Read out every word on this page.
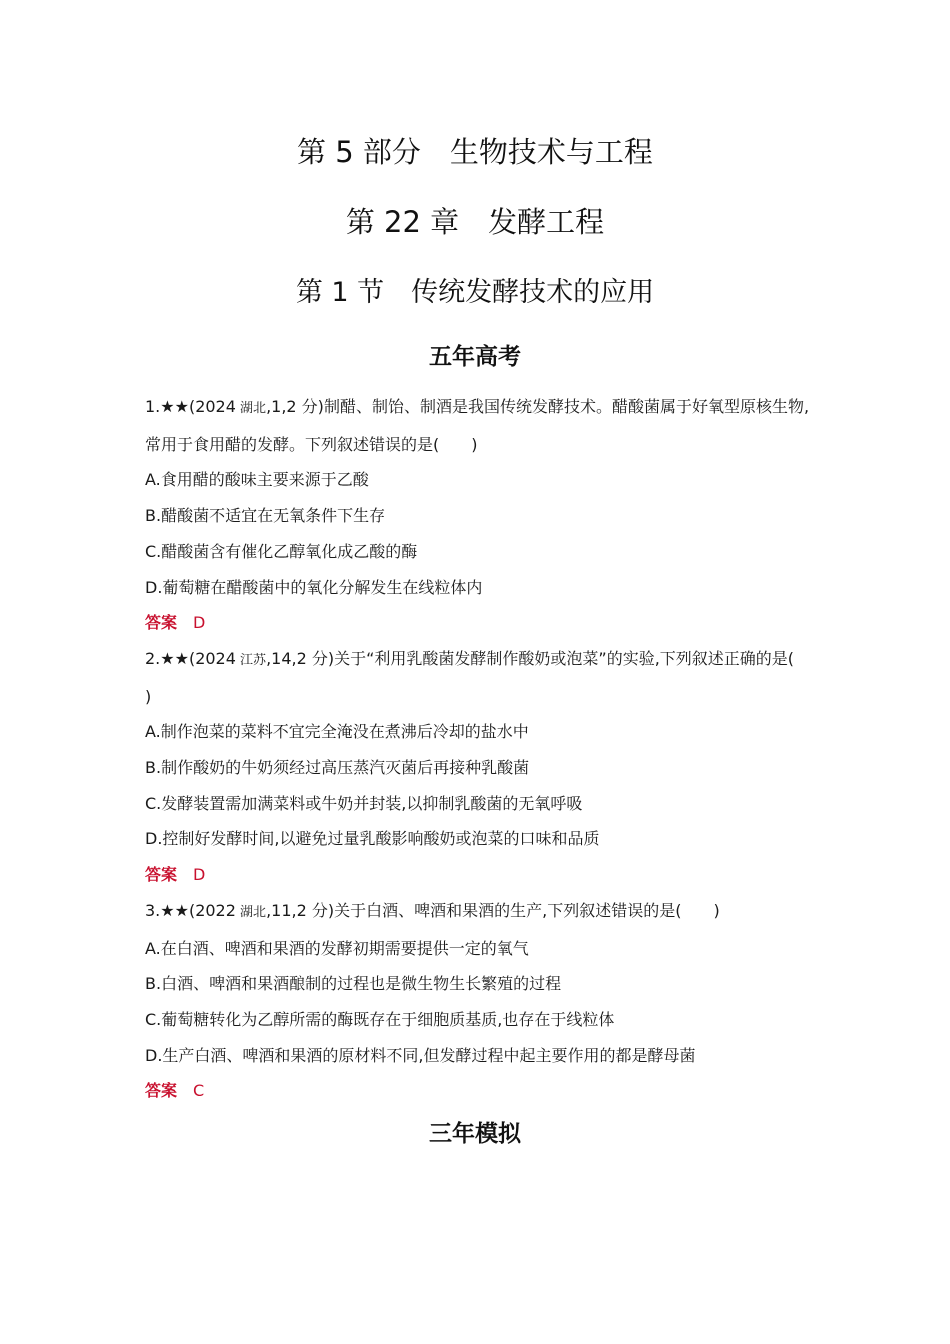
第 5 部分　生物技术与工程
第 22 章　发酵工程
第 1 节　传统发酵技术的应用
五年高考

1.★★(2024 湖北,1,2 分)制醋、制饴、制酒是我国传统发酵技术。醋酸菌属于好氧型原核生物,常用于食用醋的发酵。下列叙述错误的是(　　)

A.食用醋的酸味主要来源于乙酸

B.醋酸菌不适宜在无氧条件下生存

C.醋酸菌含有催化乙醇氧化成乙酸的酶

D.葡萄糖在醋酸菌中的氧化分解发生在线粒体内

答案 D

2.★★(2024 江苏,14,2 分)关于“利用乳酸菌发酵制作酸奶或泡菜”的实验,下列叙述正确的是(　　)

A.制作泡菜的菜料不宜完全淹没在煮沸后冷却的盐水中

B.制作酸奶的牛奶须经过高压蒸汽灭菌后再接种乳酸菌

C.发酵装置需加满菜料或牛奶并封装,以抑制乳酸菌的无氧呼吸

D.控制好发酵时间,以避免过量乳酸影响酸奶或泡菜的口味和品质

答案 D

3.★★(2022 湖北,11,2 分)关于白酒、啤酒和果酒的生产,下列叙述错误的是(　　)

A.在白酒、啤酒和果酒的发酵初期需要提供一定的氧气

B.白酒、啤酒和果酒酿制的过程也是微生物生长繁殖的过程

C.葡萄糖转化为乙醇所需的酶既存在于细胞质基质,也存在于线粒体

D.生产白酒、啤酒和果酒的原材料不同,但发酵过程中起主要作用的都是酵母菌

答案 C

三年模拟
